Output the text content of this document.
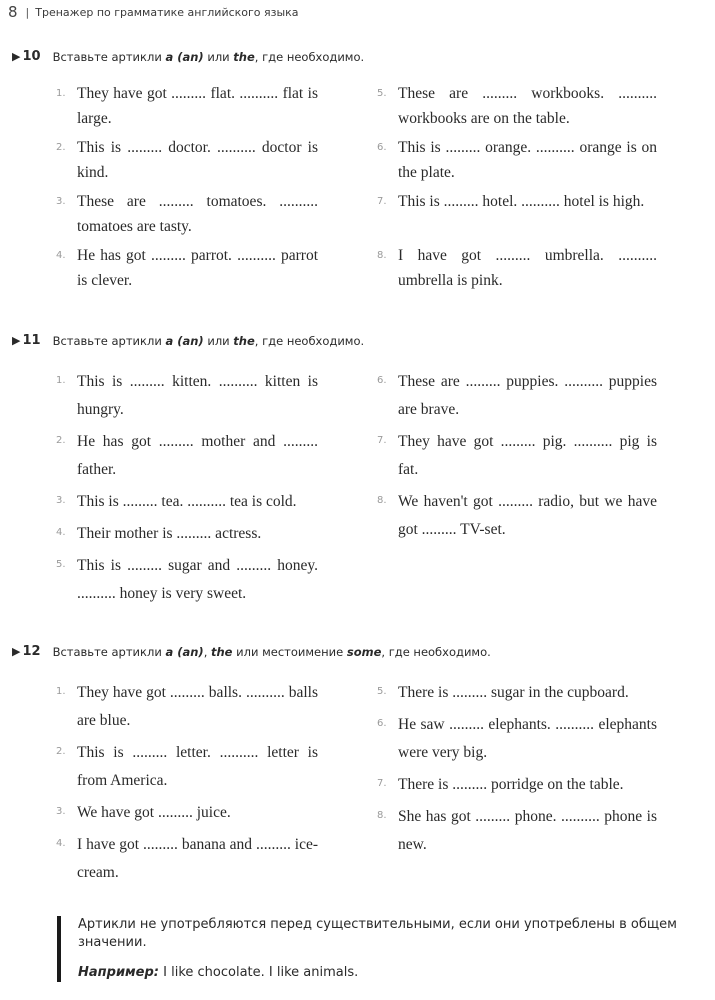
8 | Тренажер по грамматике английского языка
▶ 10 Вставьте артикли a (an) или the, где необходимо.
1. They have got ......... flat. .......... flat is large.
2. This is ......... doctor. .......... doctor is kind.
3. These are ......... tomatoes. .......... tomatoes are tasty.
4. He has got ......... parrot. .......... parrot is clever.
5. These are ......... workbooks. .......... workbooks are on the table.
6. This is ......... orange. .......... orange is on the plate.
7. This is ......... hotel. .......... hotel is high.
8. I have got ......... umbrella. .......... umbrella is pink.
▶ 11 Вставьте артикли a (an) или the, где необходимо.
1. This is ......... kitten. .......... kitten is hungry.
2. He has got ......... mother and ......... father.
3. This is ......... tea. .......... tea is cold.
4. Their mother is ......... actress.
5. This is ......... sugar and ......... honey. .......... honey is very sweet.
6. These are ......... puppies. .......... puppies are brave.
7. They have got ......... pig. .......... pig is fat.
8. We haven't got ......... radio, but we have got ......... TV-set.
▶ 12 Вставьте артикли a (an), the или местоимение some, где необходимо.
1. They have got ......... balls. .......... balls are blue.
2. This is ......... letter. .......... letter is from America.
3. We have got ......... juice.
4. I have got ......... banana and ......... ice-cream.
5. There is ......... sugar in the cupboard.
6. He saw ......... elephants. .......... elephants were very big.
7. There is ......... porridge on the table.
8. She has got ......... phone. .......... phone is new.

Артикли не употребляются перед существительными, если они употреблены в общем значении.

Например: I like chocolate. I like animals.
